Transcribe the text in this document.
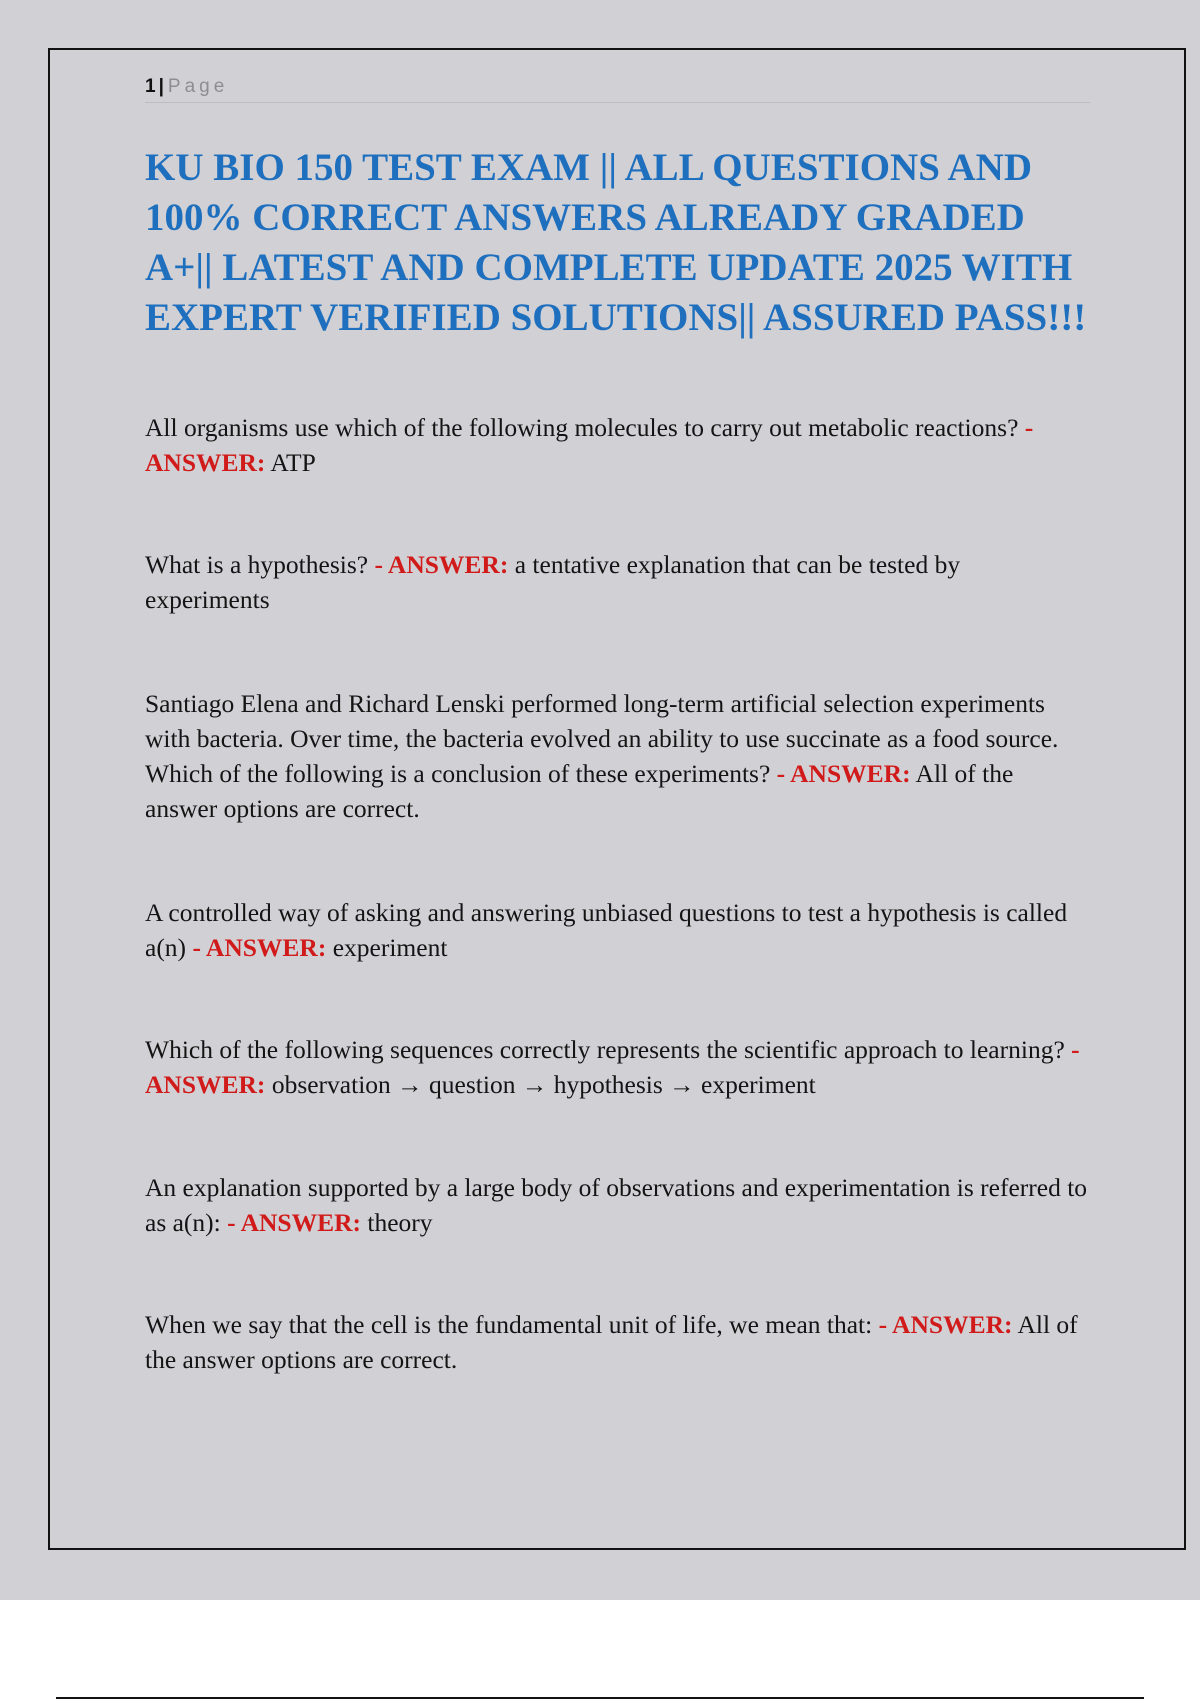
1 | Page
KU BIO 150 TEST EXAM || ALL QUESTIONS AND 100% CORRECT ANSWERS ALREADY GRADED A+|| LATEST AND COMPLETE UPDATE 2025 WITH EXPERT VERIFIED SOLUTIONS|| ASSURED PASS!!!

All organisms use which of the following molecules to carry out metabolic reactions? - ANSWER: ATP

What is a hypothesis? - ANSWER: a tentative explanation that can be tested by experiments

Santiago Elena and Richard Lenski performed long-term artificial selection experiments with bacteria. Over time, the bacteria evolved an ability to use succinate as a food source. Which of the following is a conclusion of these experiments? - ANSWER: All of the answer options are correct.

A controlled way of asking and answering unbiased questions to test a hypothesis is called a(n) - ANSWER: experiment

Which of the following sequences correctly represents the scientific approach to learning? - ANSWER: observation → question → hypothesis → experiment

An explanation supported by a large body of observations and experimentation is referred to as a(n): - ANSWER: theory

When we say that the cell is the fundamental unit of life, we mean that: - ANSWER: All of the answer options are correct.
